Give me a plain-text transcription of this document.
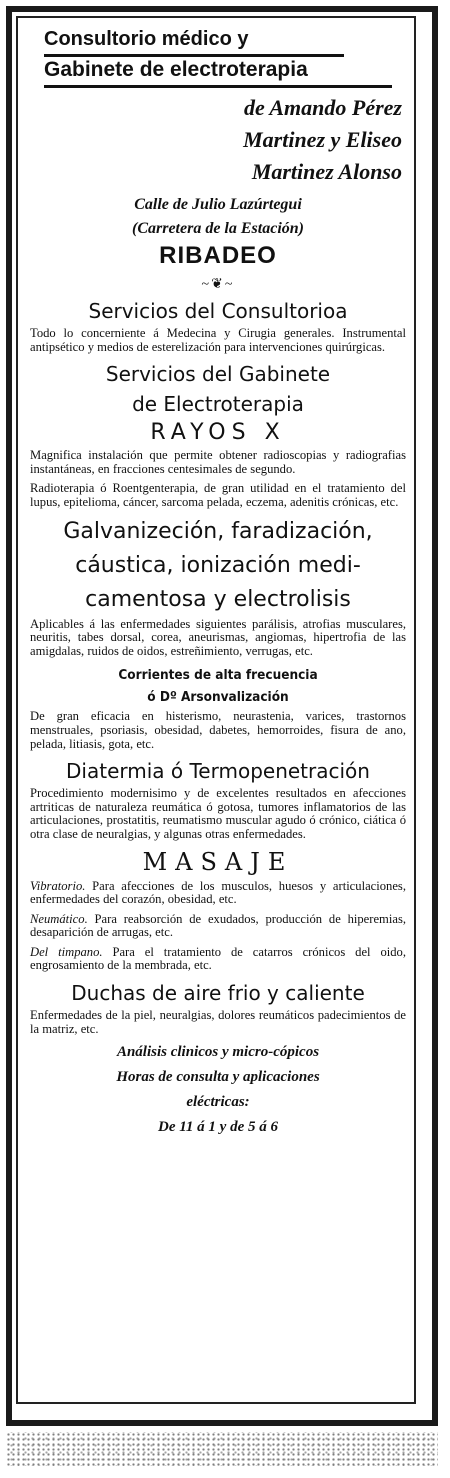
Consultorio médico y
Gabinete de electroterapia
de Amando Pérez
Martinez y Eliseo
Martinez Alonso
Calle de Julio Lazúrtegui
(Carretera de la Estación)
RIBADEO
~❦~
Servicios del Consultorioa
Todo lo concerniente á Medecina y Cirugia generales. Instrumental antipsético y medios de esterelización para intervenciones quirúrgicas.
Servicios del Gabinete
de Electroterapia
RAYOS X
Magnifica instalación que permite obtener radioscopias y radiografias instantáneas, en fracciones centesimales de segundo.
Radioterapia ó Roentgenterapia, de gran utilidad en el tratamiento del lupus, epitelioma, cáncer, sarcoma pelada, eczema, adenitis crónicas, etc.
Galvanizeción, faradización,
cáustica, ionización medi-
camentosa y electrolisis
Aplicables á las enfermedades siguientes parálisis, atrofias musculares, neuritis, tabes dorsal, corea, aneurismas, angiomas, hipertrofia de las amigdalas, ruidos de oidos, estreñimiento, verrugas, etc.
Corrientes de alta frecuencia
ó Dº Arsonvalización
De gran eficacia en histerismo, neurastenia, varices, trastornos menstruales, psoriasis, obesidad, dabetes, hemorroides, fisura de ano, pelada, litiasis, gota, etc.
Diatermia ó Termopenetración
Procedimiento modernisimo y de excelentes resultados en afecciones artriticas de naturaleza reumática ó gotosa, tumores inflamatorios de las articulaciones, prostatitis, reumatismo muscular agudo ó crónico, ciática ó otra clase de neuralgias, y algunas otras enfermedades.
MASAJE
Vibratorio. Para afecciones de los musculos, huesos y articulaciones, enfermedades del corazón, obesidad, etc.
Neumático. Para reabsorción de exudados, producción de hiperemias, desaparición de arrugas, etc.
Del timpano. Para el tratamiento de catarros crónicos del oido, engrosamiento de la membrada, etc.
Duchas de aire frio y caliente
Enfermedades de la piel, neuralgias, dolores reumáticos padecimientos de la matriz, etc.
Análisis clinicos y micro-cópicos
Horas de consulta y aplicaciones
eléctricas:
De 11 á 1 y de 5 á 6
